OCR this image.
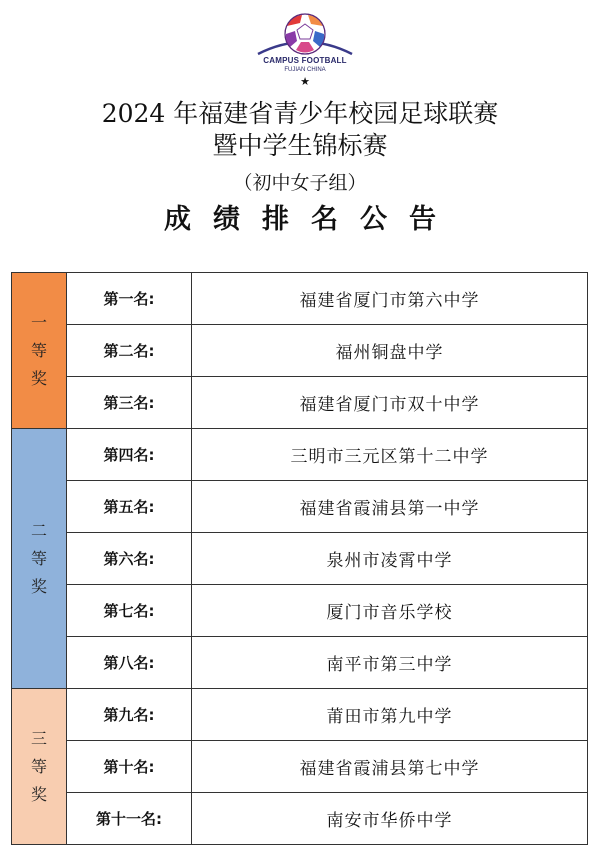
CAMPUS FOOTBALL
FUJIAN CHINA
★
2024 年福建省青少年校园足球联赛
暨中学生锦标赛
（初中女子组）
成绩排名公告
一
等
奖	第一名:	福建省厦门市第六中学
	第二名:	福州铜盘中学
	第三名:	福建省厦门市双十中学

二
等
奖	第四名:	三明市三元区第十二中学
	第五名:	福建省霞浦县第一中学
	第六名:	泉州市凌霄中学
	第七名:	厦门市音乐学校
	第八名:	南平市第三中学

三
等
奖	第九名:	莆田市第九中学
	第十名:	福建省霞浦县第七中学
	第十一名:	南安市华侨中学
